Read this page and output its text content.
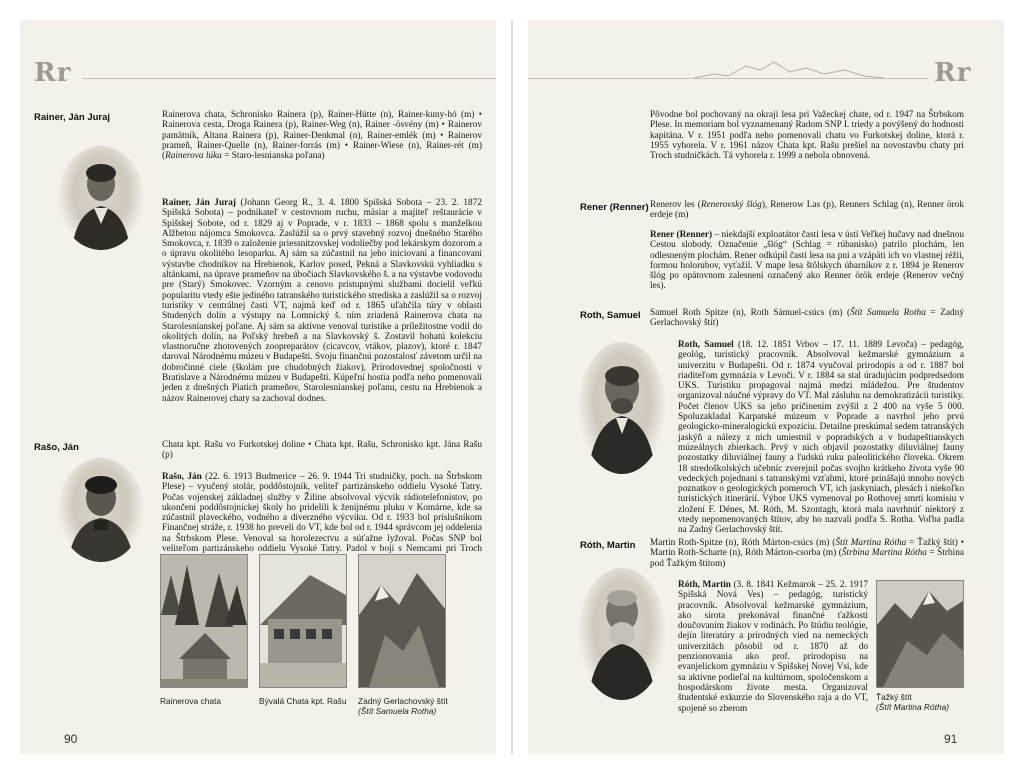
Rr
Rainer, Ján Juraj	Rainerova chata, Schronisko Rainera (p), Rainer-Hütte (n), Rainer-kuny-hó (m) • Rainerova cesta, Droga Rainera (p), Rainer-Weg (n), Rainer -ösvény (m) • Rainerov pamätník, Altana Rainera (p), Rainer-Denkmal (n), Rainer-emlék (m) • Rainerov prameň, Rainer-Quelle (n), Rainer-forrás (m) • Rainer-Wiese (n), Rainer-rét (m) (Rainerova lúka = Staro-lesnianska poľana)

Rainer, Ján Juraj (Johann Georg R., 3. 4. 1800 Spišská Sobota – 23. 2. 1872 Spišská Sobota) – podnikateľ v cestovnom ruchu, mäsiar a majiteľ reštaurácie v Spišskej Sobote, od r. 1829 aj v Poprade, v r. 1833 – 1868 spolu s manželkou Alžbetou nájomca Smokovca. Zaslúžil sa o prvý stavebný rozvoj dnešného Starého Smokovca, r. 1839 o založenie priessnitzovskej vodoliečby pod lekárskym dozorom a o úpravu okolitého lesoparku. Aj sám sa zúčastnil na jeho iniciovaní a financovaní výstavbe chodníkov na Hrebienok, Karlov posed, Pekná a Slavkovskú vyhliadku s altánkami, na úprave prameňov na úbočiach Slavkovského š. a na výstavbe vodovodu pre (Starý) Smokovec. Vzorným a cenovo prístupnými službami docielil veľkú popularitu vtedy ešte jediného tatranského turistického strediska a zaslúžil sa o rozvoj turistiky v centrálnej časti VT, najmä keď od r. 1865 uľahčila túry v oblasti Studených dolín a výstupy na Lomnický š. ním zriadená Rainerova chata na Starolesnianskej poľane. Aj sám sa aktívne venoval turistike a príležitostne vodil do okolitých dolín, na Poľský hrebeň a na Slavkovský š. Zostavil bohatú kolekciu vlastnoručne zhotovených zoopreparátov (cicavcov, vtákov, plazov), ktoré r. 1847 daroval Národnému múzeu v Budapešti. Svoju finančnú pozostalosť závetom určil na dobročinné ciele (školám pre chudobných žiakov), Prírodovednej spoločnosti v Bratislave a Národnému múzeu v Budapešti. Kúpeľní hostia podľa neho pomenovali jeden z dnešných Piatich prameňov, Starolesnianskej poľanu, cestu na Hrebienok a názov Rainerovej chaty sa zachoval dodnes.

Rašo, Ján	Chata kpt. Rašu vo Furkotskej doline • Chata kpt. Rašu, Schronisko kpt. Jána Rašu (p)

Rašo, Ján (22. 6. 1913 Budmerice – 26. 9. 1944 Tri studničky, poch. na Štrbskom Plese) – vyučený stolár, poddôstojník, veliteľ partizánskeho oddielu Vysoké Tatry. Počas vojenskej základnej služby v Žiline absolvoval výcvik rádiotelefonistov, po ukončení poddôstojníckej školy ho pridelili k ženijnému pluku v Komárne, kde sa zúčastnil plaveckého, vodného a diverzného výcviku. Od r. 1933 bol príslušníkom Finančnej stráže, r. 1938 ho preveli do VT, kde bol od r. 1944 správcom jej oddelenia na Štrbskom Plese. Venoval sa horolezectvu a súťažne lyžoval. Počas SNP bol veliteľom partizánskeho oddielu Vysoké Tatry. Padol v boji s Nemcami pri Troch

Rainerova chata	Bývalá Chata kpt. Rašu	Zadný Gerlachovský štít
(Štít Samuela Rotha)
90
Rr
Pôvodne bol pochovaný na okraji lesa pri Važeckej chate, od r. 1947 na Štrbskom Plese. In memoriam bol vyznamenaný Radom SNP I. triedy a povýšený do hodnosti kapitána. V r. 1951 podľa neho pomenovali chatu vo Furkotskej doline, ktorá r. 1955 vyhorela. V r. 1961 názov Chata kpt. Rašu prešiel na novostavbu chaty pri Troch studničkách. Tá vyhorela r. 1999 a nebola obnovená.
Rener (Renner) Renerov les (Renerovský šlóg), Renerow Las (p), Renners Schlag (n), Renner örok erdeje (m)

Rener (Renner) – niekdajší exploatátor časti lesa v ústí Veľkej hučavy nad dnešnou Cestou slobody. Označenie „šlóg“ (Schlag = rúbanisko) patrilo plochám, len odlesneným plochám. Rener odkúpil časti lesa na pni a vzápätí ich vo vlastnej réžii, formou holorubov, vyťažil. V mape lesa štôlskych úbarníkov z r. 1894 je Renerov šlóg po opätovnom zalesnení označený ako Renner örök erdeje (Renerov večný les).

Roth, Samuel Samuel Roth Spitze (n), Roth Sámuel-csúcs (m) (Štít Samuela Rotha = Zadný Gerlachovský štít)

Roth, Samuel (18. 12. 1851 Vrbov – 17. 11. 1889 Levoča) – pedagóg, geológ, turistický pracovník. Absolvoval kežmarské gymnázium a univerzitu v Budapešti. Od r. 1874 vyučoval prírodopis a od r. 1887 bol riaditeľom gymnázia v Levoči. V r. 1884 sa stal úradujúcim podpredsedom UKS. Turistiku propagoval najmä medzi mládežou. Pre študentov organizoval náučné výpravy do VT. Mal zásluhu na demokratizácii turistiky. Počet členov UKS sa jeho pričinením zvýšil z 2 400 na vyše 5 000. Spoluzakladal Karpatské múzeum v Poprade a navrhol jeho prvú geologicko-mineralogickú expozíciu. Detailne preskúmal sedem tatranských jaskýň a nálezy z nich umiestnil v popradských a v budapeštianskych múzeálnych zbierkach. Prvý v nich objavil pozostatky diluviálnej fauny pozostatky diluviálnej fauny a ľudskú ruku paleolitického človeka. Okrem 18 stredoškolských učebníc zverejnil počas svojho krátkeho života vyše 90 vedeckých pojednaní s tatranskými vzťahmi, ktoré prinášajú mnoho nových poznatkov o geologických pomeroch VT, ich jaskyniach, plesách i niekoľko turistických itinerárií. Výbor UKS vymenoval po Rothovej smrti komisiu v zložení F. Dénes, M. Róth, M. Szontagh, ktorá mala navrhnúť niektorý z vtedy nepomenovaných štítov, aby ho nazvali podľa S. Rotha. Voľba padla na Zadný Gerlachovský štít.

Róth, Martin Martin Roth-Spitze (n), Róth Márton-csúcs (m) (Štít Martina Rótha = Ťažký štít) • Martin Roth-Scharte (n), Róth Márton-csorba (m) (Štrbina Martina Rótha = Štrbina pod Ťažkým štítom)

Róth, Martin (3. 8. 1841 Kežmarok – 25. 2. 1917 Spišská Nová Ves) – pedagóg, turistický pracovník. Absolvoval kežmarské gymnázium, ako sirota prekonával finančné ťažkosti doučovaním žiakov v rodinách. Po štúdiu teológie, dejín literatúry a prírodných vied na nemeckých univerzitách pôsobil od r. 1870 až do penzionovania ako prof. prírodopisu na evanjelickom gymnáziu v Spišskej Novej Vsi, kde sa aktívne podieľal na kultúrnom, spoločenskom a hospodárskom živote mesta. Organizoval študentské exkurzie do Slovenského raja a do VT, spojené so zberom

Ťažký štít
(Štít Martina Rótha)
91
